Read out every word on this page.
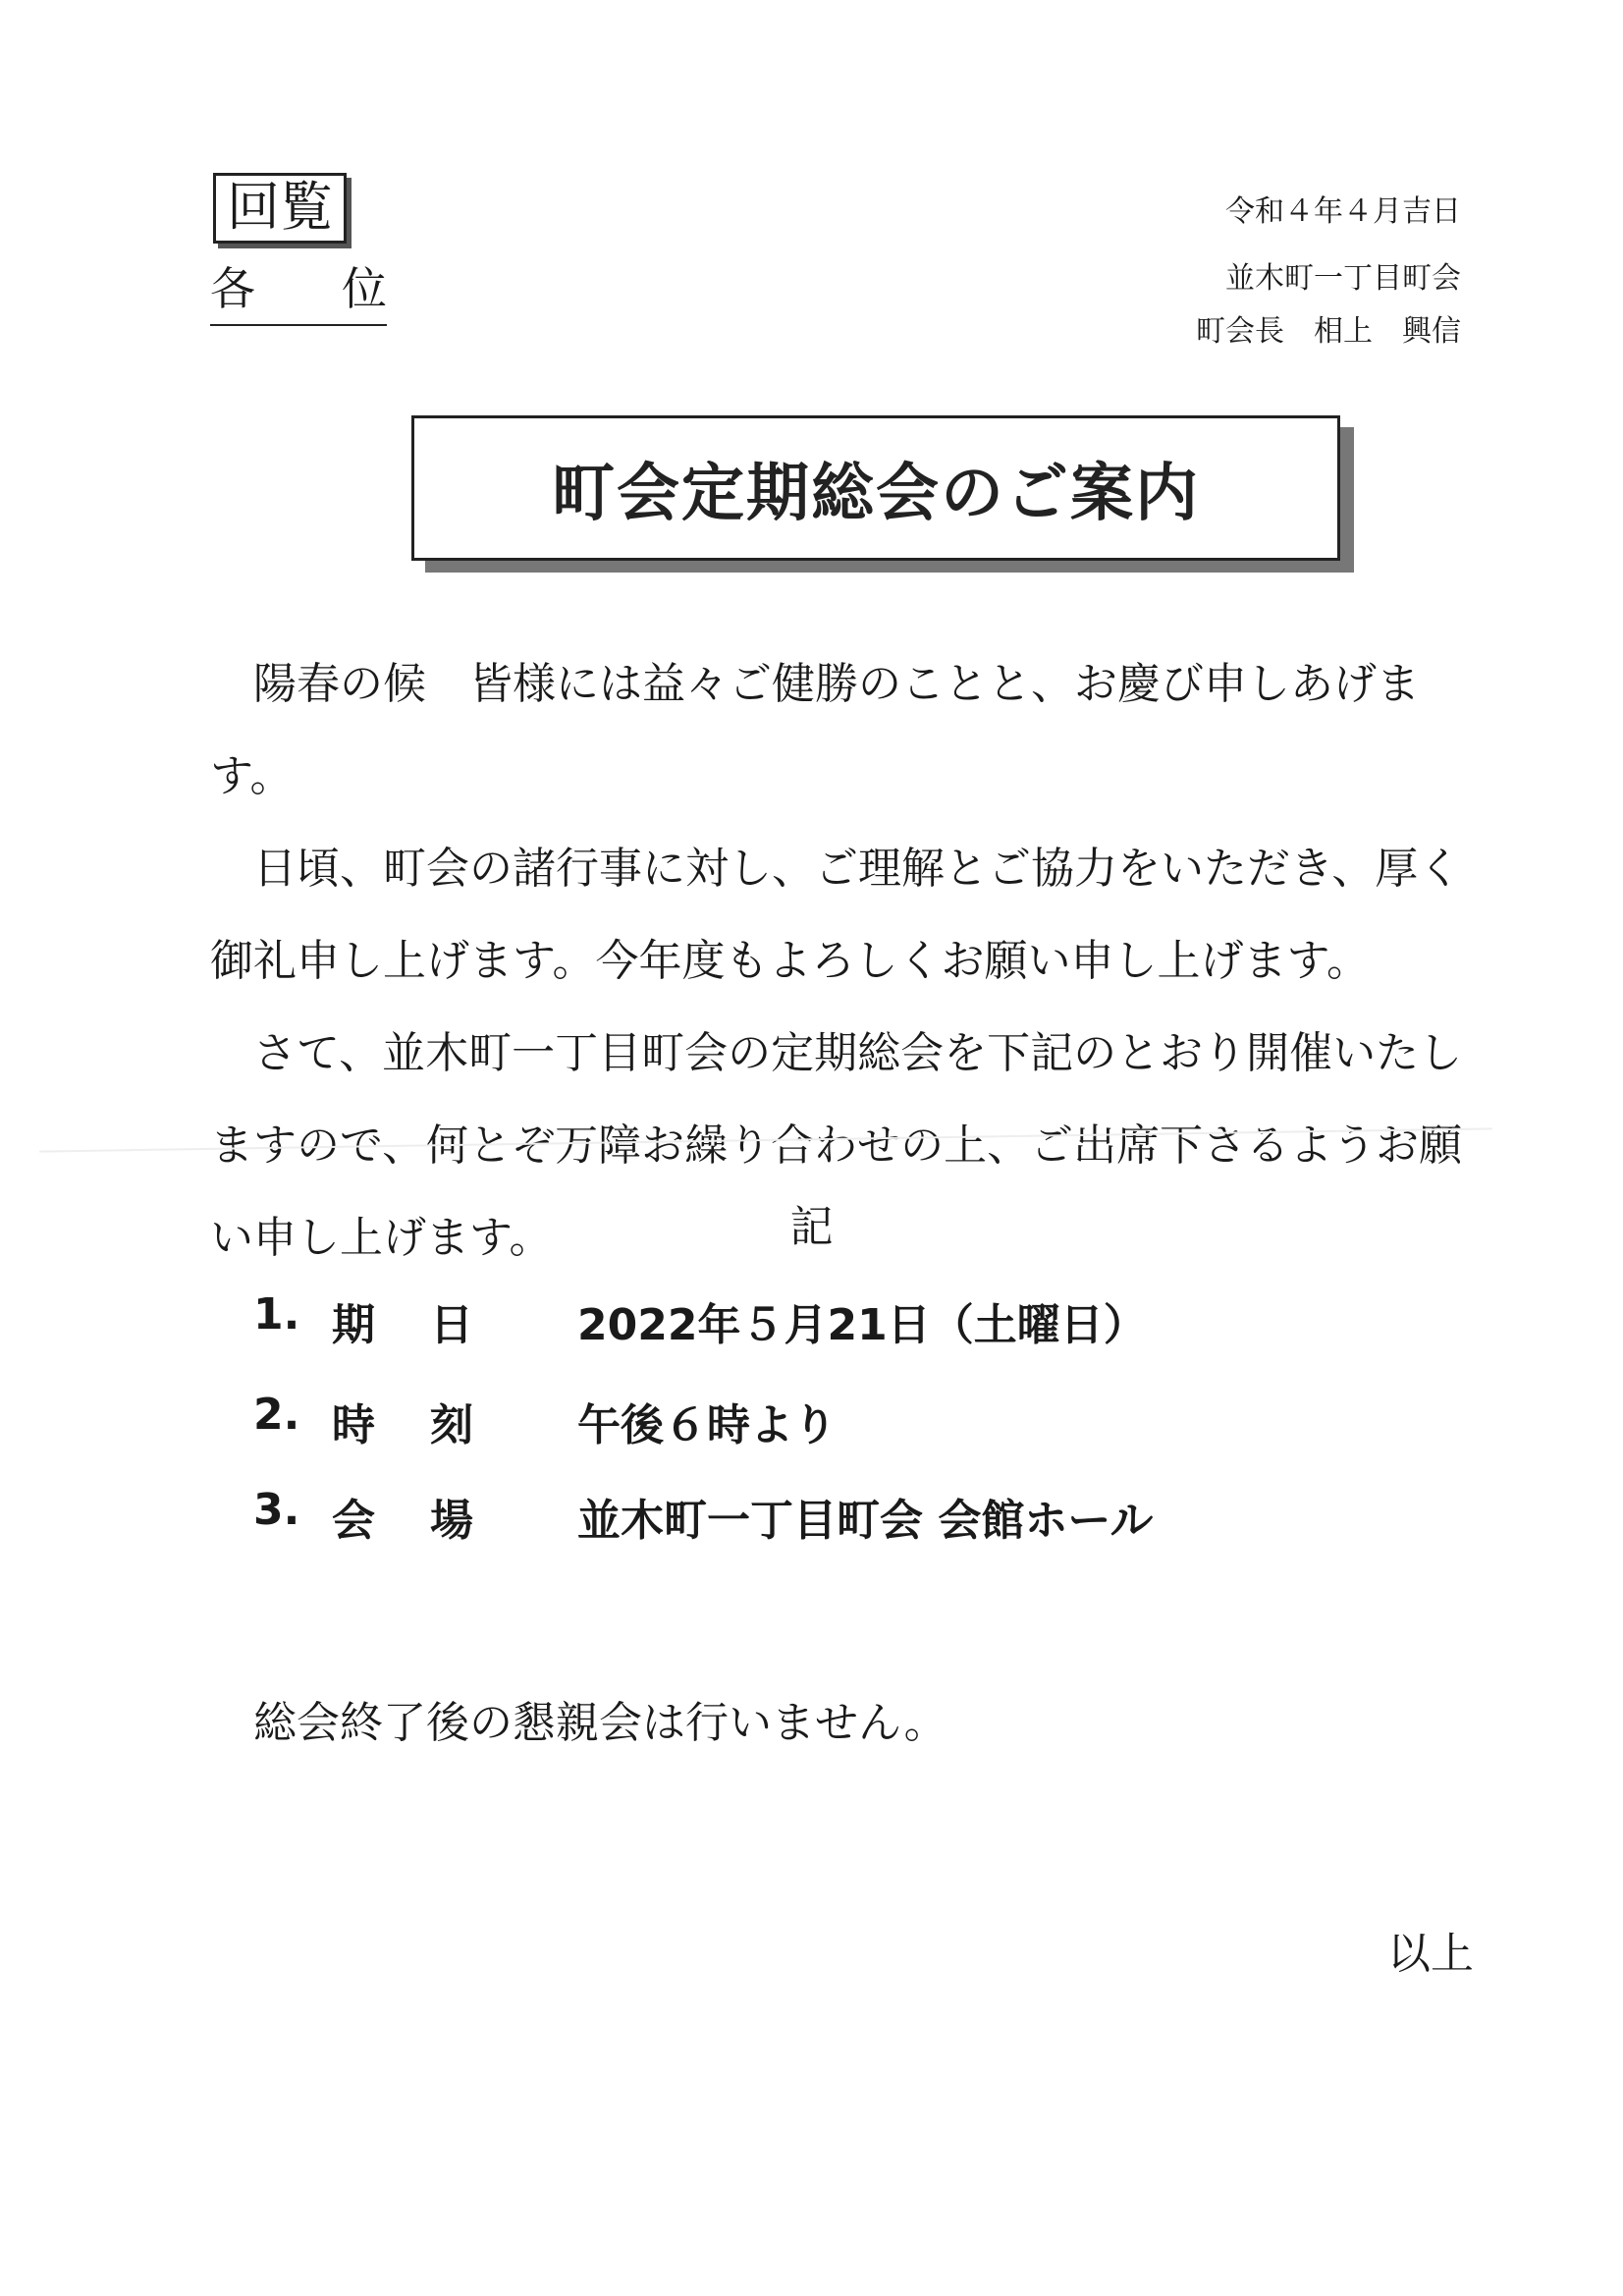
回覧
各 位
令和４年４月吉日
並木町一丁目町会
町会長　相上　興信
町会定期総会のご案内

陽春の候　皆様には益々ご健勝のことと、お慶び申しあげます。

日頃、町会の諸行事に対し、ご理解とご協力をいただき、厚く御礼申し上げます。今年度もよろしくお願い申し上げます。

さて、並木町一丁目町会の定期総会を下記のとおり開催いたしますので、何とぞ万障お繰り合わせの上、ご出席下さるようお願い申し上げます。	記
1. 期	日	2022年５月21日（土曜日）
2. 時	刻	午後６時より
3. 会	場	並木町一丁目町会 会館ホール
総会終了後の懇親会は行いません。
以上
